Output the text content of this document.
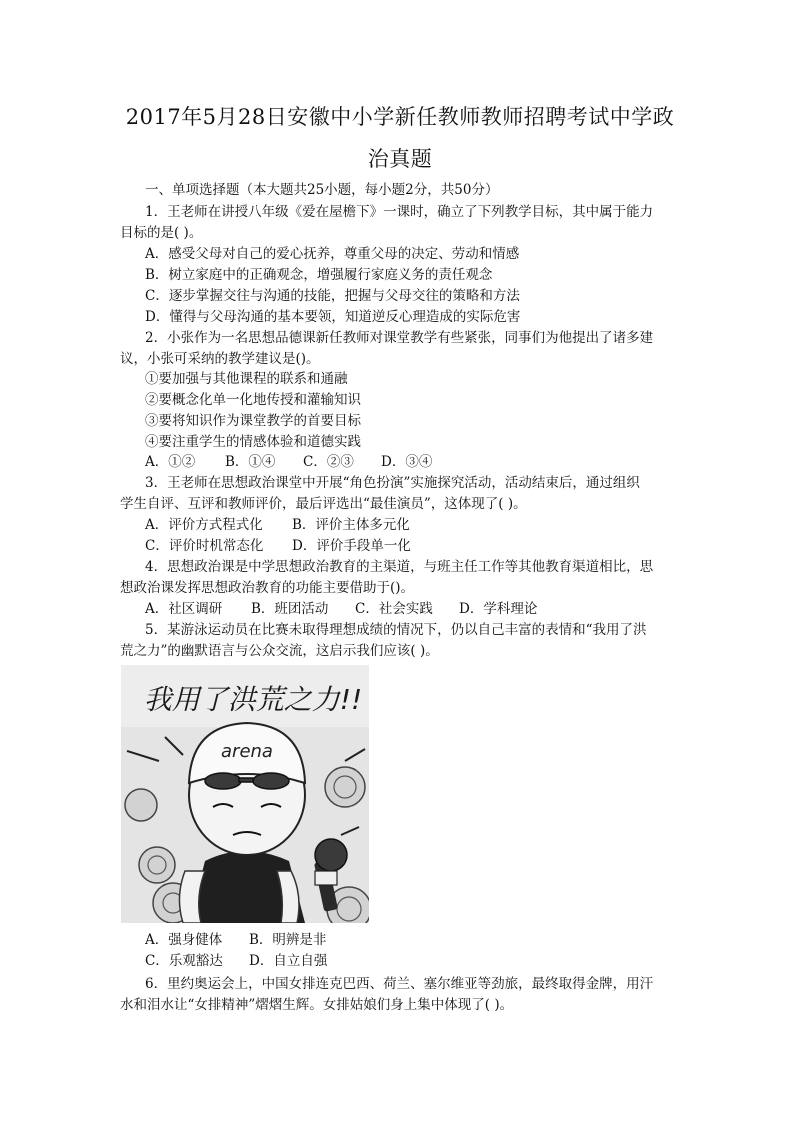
2017年5月28日安徽中小学新任教师教师招聘考试中学政
治真题
一、单项选择题（本大题共25小题，每小题2分，共50分）
1．王老师在讲授八年级《爱在屋檐下》一课时，确立了下列教学目标，其中属于能力
目标的是( )。
A．感受父母对自己的爱心抚养，尊重父母的决定、劳动和情感
B．树立家庭中的正确观念，增强履行家庭义务的责任观念
C．逐步掌握交往与沟通的技能，把握与父母交往的策略和方法
D．懂得与父母沟通的基本要领，知道逆反心理造成的实际危害
2．小张作为一名思想品德课新任教师对课堂教学有些紧张，同事们为他提出了诸多建
议，小张可采纳的教学建议是()。
①要加强与其他课程的联系和通融
②要概念化单一化地传授和灌输知识
③要将知识作为课堂教学的首要目标
④要注重学生的情感体验和道德实践
A．①② B．①④ C．②③ D．③④
3．王老师在思想政治课堂中开展“角色扮演”实施探究活动，活动结束后，通过组织
学生自评、互评和教师评价，最后评选出“最佳演员”，这体现了( )。
A．评价方式程式化 B．评价主体多元化
C．评价时机常态化 D．评价手段单一化
4．思想政治课是中学思想政治教育的主渠道，与班主任工作等其他教育渠道相比，思
想政治课发挥思想政治教育的功能主要借助于()。
A．社区调研 B．班团活动 C．社会实践 D．学科理论
5．某游泳运动员在比赛未取得理想成绩的情况下，仍以自己丰富的表情和“我用了洪
荒之力”的幽默语言与公众交流，这启示我们应该( )。
我用了洪荒之力!!
arena
A．强身健体 B．明辨是非
C．乐观豁达 D．自立自强
6．里约奥运会上，中国女排连克巴西、荷兰、塞尔维亚等劲旅，最终取得金牌，用汗
水和泪水让“女排精神”熠熠生辉。女排姑娘们身上集中体现了( )。
